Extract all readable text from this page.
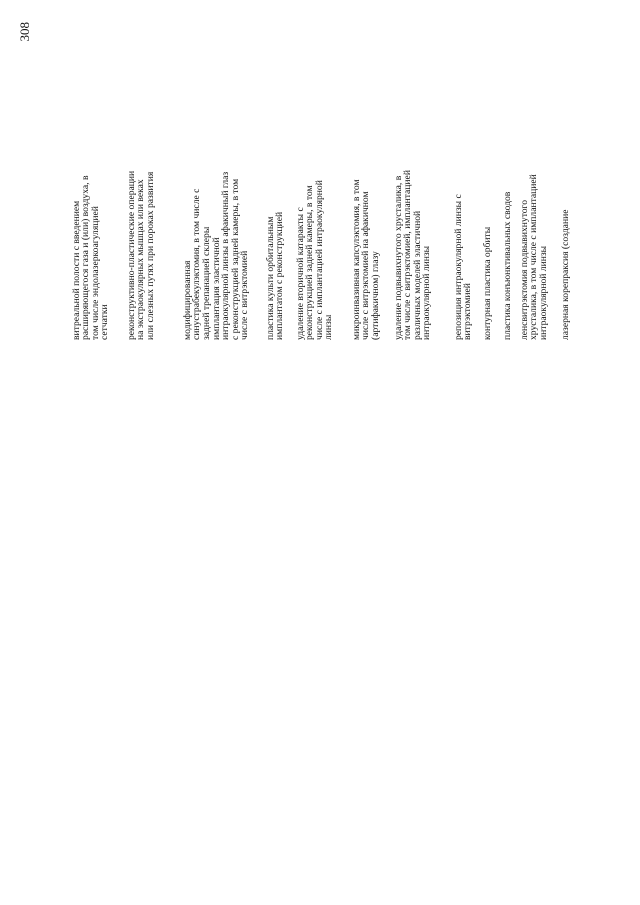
308
витреальной полости с введением
расширяющегося газа и (или) воздуха, в
том числе эндолазеркоагуляцией
сетчатки реконструктивно-пластические операции
на экстраокулярных мышцах или веках
или слезных путях при пороках развития	модифицированная
синустрабекулэктомия, в том числе с
задней трепанацией склеры имплантация эластичной
интраокулярной линзы в афакичный глаз
с реконструкцией задней камеры, в том
числе с витрэктомией пластика культи орбитальным
имплантатом с реконструкцией удаление вторичной катаракты с
реконструкцией задней камеры, в том
числе с имплантацией интраокулярной
линзы микроинвазивная капсулэктомия, в том
числе с витрэктомией на афакичном
(артифакичном) глазу удаление подвывихнутого хрусталика, в
том числе с витрэктомией, имплантацией
различных моделей эластичной
интраокулярной линзы репозиция интраокулярной линзы с
витрэктомией контурная пластика орбиты пластика конъюнктивальных сводов ленсвитрэктомия подвывихнутого
хрусталика, в том числе с имплантацией
интраокулярной линзы лазерная корепраксия (создание
